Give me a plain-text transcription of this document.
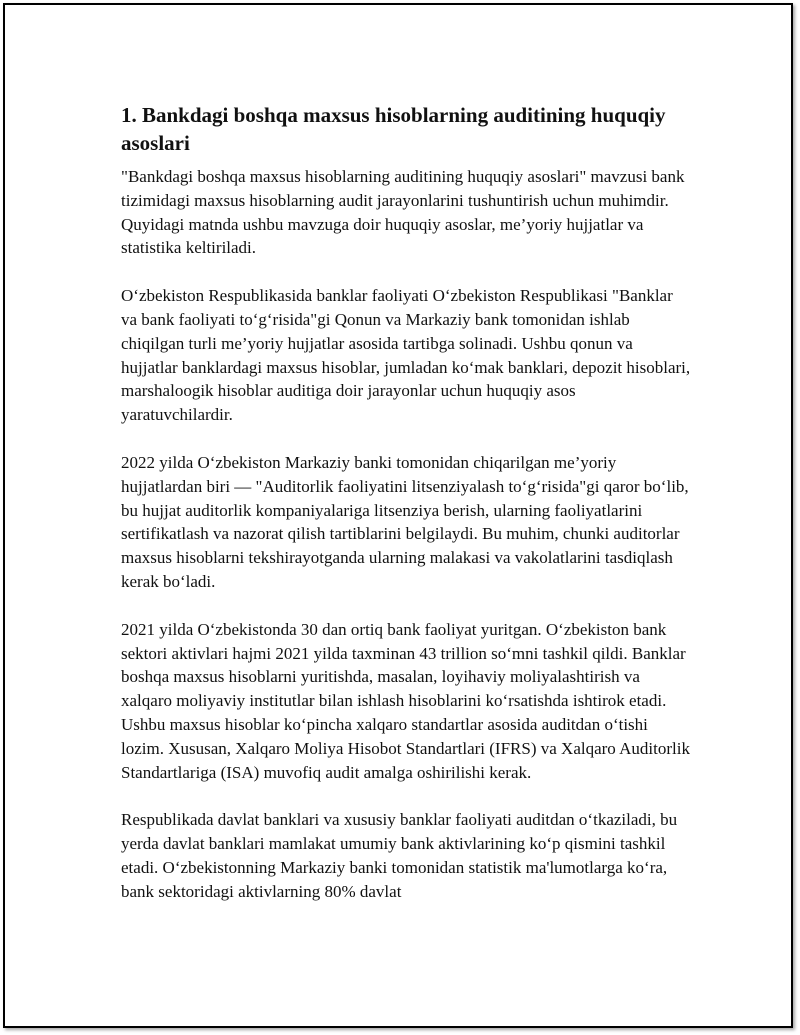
1. Bankdagi boshqa maxsus hisoblarning auditining huquqiy asoslari

"Bankdagi boshqa maxsus hisoblarning auditining huquqiy asoslari" mavzusi bank tizimidagi maxsus hisoblarning audit jarayonlarini tushuntirish uchun muhimdir. Quyidagi matnda ushbu mavzuga doir huquqiy asoslar, me’yoriy hujjatlar va statistika keltiriladi.

O‘zbekiston Respublikasida banklar faoliyati O‘zbekiston Respublikasi "Banklar va bank faoliyati to‘g‘risida"gi Qonun va Markaziy bank tomonidan ishlab chiqilgan turli me’yoriy hujjatlar asosida tartibga solinadi. Ushbu qonun va hujjatlar banklardagi maxsus hisoblar, jumladan ko‘mak banklari, depozit hisoblari, marshaloogik hisoblar auditiga doir jarayonlar uchun huquqiy asos yaratuvchilardir.

2022 yilda O‘zbekiston Markaziy banki tomonidan chiqarilgan me’yoriy hujjatlardan biri — "Auditorlik faoliyatini litsenziyalash to‘g‘risida"gi qaror bo‘lib, bu hujjat auditorlik kompaniyalariga litsenziya berish, ularning faoliyatlarini sertifikatlash va nazorat qilish tartiblarini belgilaydi. Bu muhim, chunki auditorlar maxsus hisoblarni tekshirayotganda ularning malakasi va vakolatlarini tasdiqlash kerak bo‘ladi.

2021 yilda O‘zbekistonda 30 dan ortiq bank faoliyat yuritgan. O‘zbekiston bank sektori aktivlari hajmi 2021 yilda taxminan 43 trillion so‘mni tashkil qildi. Banklar boshqa maxsus hisoblarni yuritishda, masalan, loyihaviy moliyalashtirish va xalqaro moliyaviy institutlar bilan ishlash hisoblarini ko‘rsatishda ishtirok etadi. Ushbu maxsus hisoblar ko‘pincha xalqaro standartlar asosida auditdan o‘tishi lozim. Xususan, Xalqaro Moliya Hisobot Standartlari (IFRS) va Xalqaro Auditorlik Standartlariga (ISA) muvofiq audit amalga oshirilishi kerak.

Respublikada davlat banklari va xususiy banklar faoliyati auditdan o‘tkaziladi, bu yerda davlat banklari mamlakat umumiy bank aktivlarining ko‘p qismini tashkil etadi. O‘zbekistonning Markaziy banki tomonidan statistik ma'lumotlarga ko‘ra, bank sektoridagi aktivlarning 80% davlat
